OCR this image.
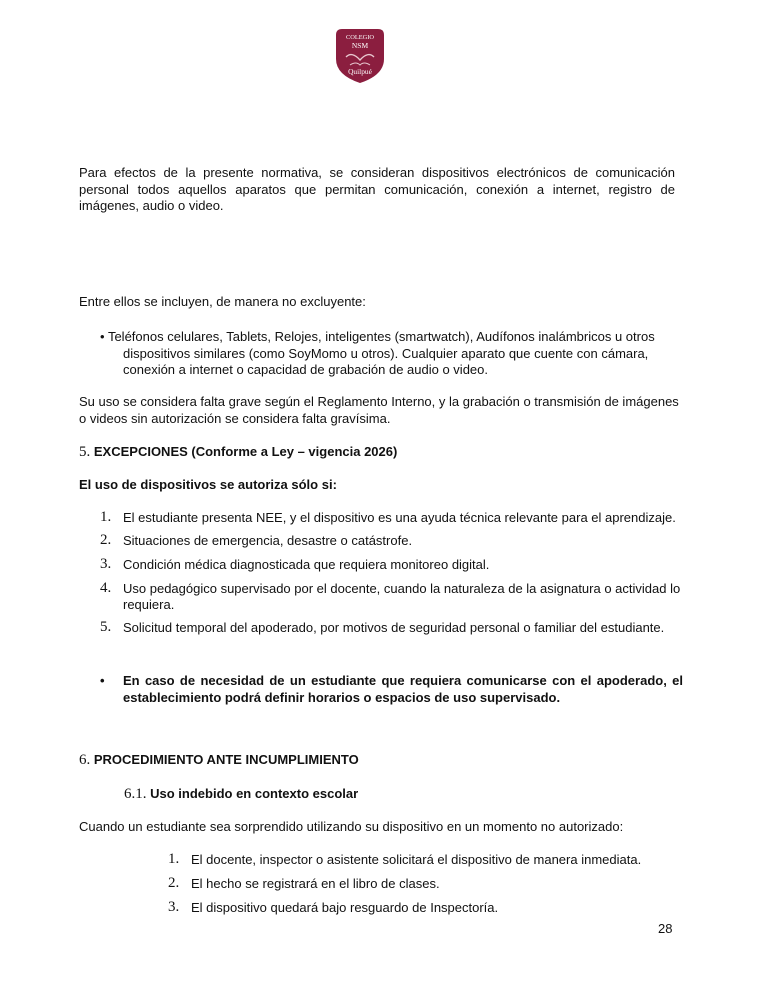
COLEGIO
NSM
Quilpué
Para efectos de la presente normativa, se consideran dispositivos electrónicos de comunicación personal todos aquellos aparatos que permitan comunicación, conexión a internet, registro de imágenes, audio o video.
Entre ellos se incluyen, de manera no excluyente:
• Teléfonos celulares, Tablets, Relojes, inteligentes (smartwatch), Audífonos inalámbricos u otros dispositivos similares (como SoyMomo u otros). Cualquier aparato que cuente con cámara, conexión a internet o capacidad de grabación de audio o video.
Su uso se considera falta grave según el Reglamento Interno, y la grabación o transmisión de imágenes o videos sin autorización se considera falta gravísima.
5. EXCEPCIONES (Conforme a Ley – vigencia 2026)
El uso de dispositivos se autoriza sólo si:
1. El estudiante presenta NEE, y el dispositivo es una ayuda técnica relevante para el aprendizaje.
2. Situaciones de emergencia, desastre o catástrofe.
3. Condición médica diagnosticada que requiera monitoreo digital.
4. Uso pedagógico supervisado por el docente, cuando la naturaleza de la asignatura o actividad lo requiera.
5. Solicitud temporal del apoderado, por motivos de seguridad personal o familiar del estudiante.
•	En caso de necesidad de un estudiante que requiera comunicarse con el apoderado, el establecimiento podrá definir horarios o espacios de uso supervisado.
6. PROCEDIMIENTO ANTE INCUMPLIMIENTO
6.1. Uso indebido en contexto escolar
Cuando un estudiante sea sorprendido utilizando su dispositivo en un momento no autorizado:
1. El docente, inspector o asistente solicitará el dispositivo de manera inmediata.
2. El hecho se registrará en el libro de clases.
3. El dispositivo quedará bajo resguardo de Inspectoría.
28
